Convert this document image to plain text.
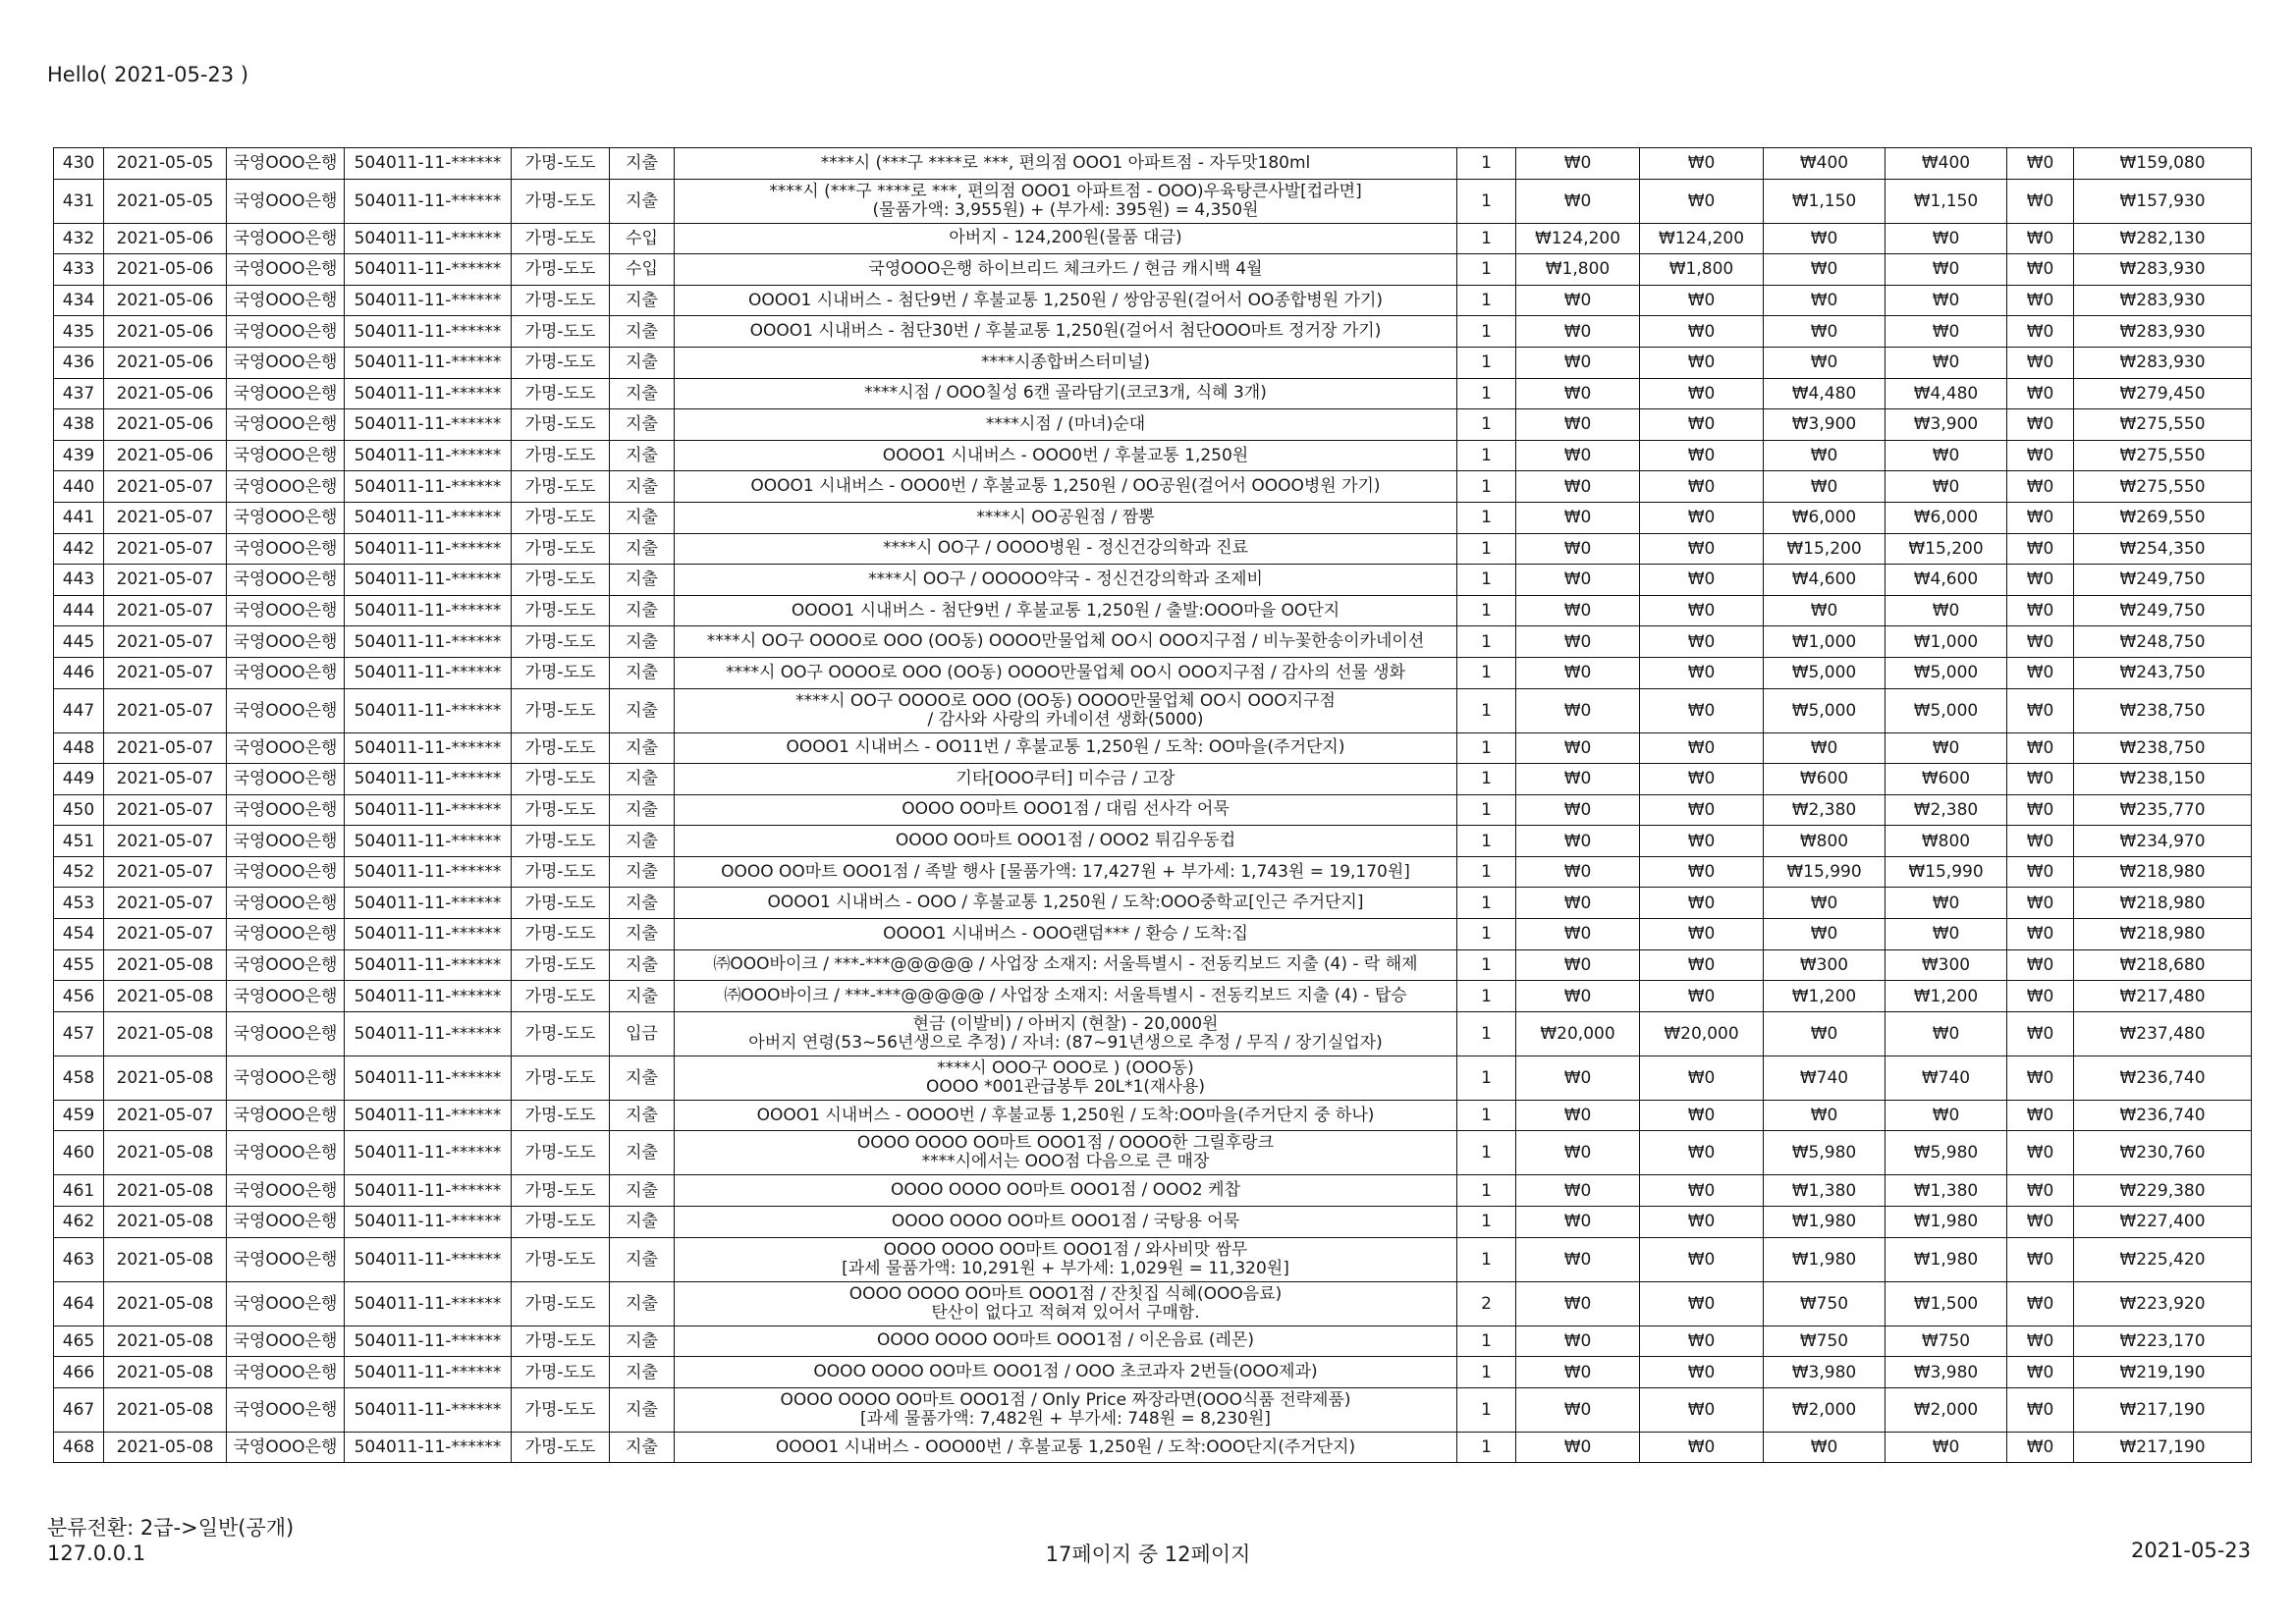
Hello( 2021-05-23 )
430	2021-05-05	국영OOO은행	504011-11-******	가명-도도	지출	****시 (***구 ****로 ***, 편의점 OOO1 아파트점 - 자두맛180ml	1	₩0	₩0	₩400	₩400	₩0	₩159,080
431	2021-05-05	국영OOO은행	504011-11-******	가명-도도	지출	****시 (***구 ****로 ***, 편의점 OOO1 아파트점 - OOO)우육탕큰사발[컵라면]
(물품가액: 3,955원) + (부가세: 395원) = 4,350원	1	₩0	₩0	₩1,150	₩1,150	₩0	₩157,930
432	2021-05-06	국영OOO은행	504011-11-******	가명-도도	수입	아버지 - 124,200원(물품 대금)	1	₩124,200	₩124,200	₩0	₩0	₩0	₩282,130
433	2021-05-06	국영OOO은행	504011-11-******	가명-도도	수입	국영OOO은행 하이브리드 체크카드 / 현금 캐시백 4월	1	₩1,800	₩1,800	₩0	₩0	₩0	₩283,930
434	2021-05-06	국영OOO은행	504011-11-******	가명-도도	지출	OOOO1 시내버스 - 첨단9번 / 후불교통 1,250원 / 쌍암공원(걸어서 OO종합병원 가기)	1	₩0	₩0	₩0	₩0	₩0	₩283,930
435	2021-05-06	국영OOO은행	504011-11-******	가명-도도	지출	OOOO1 시내버스 - 첨단30번 / 후불교통 1,250원(걸어서 첨단OOO마트 정거장 가기)	1	₩0	₩0	₩0	₩0	₩0	₩283,930
436	2021-05-06	국영OOO은행	504011-11-******	가명-도도	지출	****시종합버스터미널)	1	₩0	₩0	₩0	₩0	₩0	₩283,930
437	2021-05-06	국영OOO은행	504011-11-******	가명-도도	지출	****시점 / OOO칠성 6캔 골라담기(코코3개, 식혜 3개)	1	₩0	₩0	₩4,480	₩4,480	₩0	₩279,450
438	2021-05-06	국영OOO은행	504011-11-******	가명-도도	지출	****시점 / (마녀)순대	1	₩0	₩0	₩3,900	₩3,900	₩0	₩275,550
439	2021-05-06	국영OOO은행	504011-11-******	가명-도도	지출	OOOO1 시내버스 - OOO0번 / 후불교통 1,250원	1	₩0	₩0	₩0	₩0	₩0	₩275,550
440	2021-05-07	국영OOO은행	504011-11-******	가명-도도	지출	OOOO1 시내버스 - OOO0번 / 후불교통 1,250원 / OO공원(걸어서 OOOO병원 가기)	1	₩0	₩0	₩0	₩0	₩0	₩275,550
441	2021-05-07	국영OOO은행	504011-11-******	가명-도도	지출	****시 OO공원점 / 짬뽕	1	₩0	₩0	₩6,000	₩6,000	₩0	₩269,550
442	2021-05-07	국영OOO은행	504011-11-******	가명-도도	지출	****시 OO구 / OOOO병원 - 정신건강의학과 진료	1	₩0	₩0	₩15,200	₩15,200	₩0	₩254,350
443	2021-05-07	국영OOO은행	504011-11-******	가명-도도	지출	****시 OO구 / OOOOO약국 - 정신건강의학과 조제비	1	₩0	₩0	₩4,600	₩4,600	₩0	₩249,750
444	2021-05-07	국영OOO은행	504011-11-******	가명-도도	지출	OOOO1 시내버스 - 첨단9번 / 후불교통 1,250원 / 출발:OOO마을 OO단지	1	₩0	₩0	₩0	₩0	₩0	₩249,750
445	2021-05-07	국영OOO은행	504011-11-******	가명-도도	지출	****시 OO구 OOOO로 OOO (OO동) OOOO만물업체 OO시 OOO지구점 / 비누꽃한송이카네이션	1	₩0	₩0	₩1,000	₩1,000	₩0	₩248,750
446	2021-05-07	국영OOO은행	504011-11-******	가명-도도	지출	****시 OO구 OOOO로 OOO (OO동) OOOO만물업체 OO시 OOO지구점 / 감사의 선물 생화	1	₩0	₩0	₩5,000	₩5,000	₩0	₩243,750
447	2021-05-07	국영OOO은행	504011-11-******	가명-도도	지출	****시 OO구 OOOO로 OOO (OO동) OOOO만물업체 OO시 OOO지구점
/ 감사와 사랑의 카네이션 생화(5000)	1	₩0	₩0	₩5,000	₩5,000	₩0	₩238,750
448	2021-05-07	국영OOO은행	504011-11-******	가명-도도	지출	OOOO1 시내버스 - OO11번 / 후불교통 1,250원 / 도착: OO마을(주거단지)	1	₩0	₩0	₩0	₩0	₩0	₩238,750
449	2021-05-07	국영OOO은행	504011-11-******	가명-도도	지출	기타[OOO쿠터] 미수금 / 고장	1	₩0	₩0	₩600	₩600	₩0	₩238,150
450	2021-05-07	국영OOO은행	504011-11-******	가명-도도	지출	OOOO OO마트 OOO1점 / 대림 선사각 어묵	1	₩0	₩0	₩2,380	₩2,380	₩0	₩235,770
451	2021-05-07	국영OOO은행	504011-11-******	가명-도도	지출	OOOO OO마트 OOO1점 / OOO2 튀김우동컵	1	₩0	₩0	₩800	₩800	₩0	₩234,970
452	2021-05-07	국영OOO은행	504011-11-******	가명-도도	지출	OOOO OO마트 OOO1점 / 족발 행사 [물품가액: 17,427원 + 부가세: 1,743원 = 19,170원]	1	₩0	₩0	₩15,990	₩15,990	₩0	₩218,980
453	2021-05-07	국영OOO은행	504011-11-******	가명-도도	지출	OOOO1 시내버스 - OOO / 후불교통 1,250원 / 도착:OOO중학교[인근 주거단지]	1	₩0	₩0	₩0	₩0	₩0	₩218,980
454	2021-05-07	국영OOO은행	504011-11-******	가명-도도	지출	OOOO1 시내버스 - OOO랜덤*** / 환승 / 도착:집	1	₩0	₩0	₩0	₩0	₩0	₩218,980
455	2021-05-08	국영OOO은행	504011-11-******	가명-도도	지출	㈜OOO바이크 / ***-***@@@@@ / 사업장 소재지: 서울특별시 - 전동킥보드 지출 (4) - 락 해제	1	₩0	₩0	₩300	₩300	₩0	₩218,680
456	2021-05-08	국영OOO은행	504011-11-******	가명-도도	지출	㈜OOO바이크 / ***-***@@@@@ / 사업장 소재지: 서울특별시 - 전동킥보드 지출 (4) - 탑승	1	₩0	₩0	₩1,200	₩1,200	₩0	₩217,480
457	2021-05-08	국영OOO은행	504011-11-******	가명-도도	입금	현금 (이발비) / 아버지 (현찰) - 20,000원
아버지 연령(53~56년생으로 추정) / 자녀: (87~91년생으로 추정 / 무직 / 장기실업자)	1	₩20,000	₩20,000	₩0	₩0	₩0	₩237,480
458	2021-05-08	국영OOO은행	504011-11-******	가명-도도	지출	****시 OOO구 OOO로 ) (OOO동)
OOOO *001관급봉투 20L*1(재사용)	1	₩0	₩0	₩740	₩740	₩0	₩236,740
459	2021-05-07	국영OOO은행	504011-11-******	가명-도도	지출	OOOO1 시내버스 - OOOO번 / 후불교통 1,250원 / 도착:OO마을(주거단지 중 하나)	1	₩0	₩0	₩0	₩0	₩0	₩236,740
460	2021-05-08	국영OOO은행	504011-11-******	가명-도도	지출	OOOO OOOO OO마트 OOO1점 / OOOO한 그릴후랑크
****시에서는 OOO점 다음으로 큰 매장	1	₩0	₩0	₩5,980	₩5,980	₩0	₩230,760
461	2021-05-08	국영OOO은행	504011-11-******	가명-도도	지출	OOOO OOOO OO마트 OOO1점 / OOO2 케찹	1	₩0	₩0	₩1,380	₩1,380	₩0	₩229,380
462	2021-05-08	국영OOO은행	504011-11-******	가명-도도	지출	OOOO OOOO OO마트 OOO1점 / 국탕용 어묵	1	₩0	₩0	₩1,980	₩1,980	₩0	₩227,400
463	2021-05-08	국영OOO은행	504011-11-******	가명-도도	지출	OOOO OOOO OO마트 OOO1점 / 와사비맛 쌈무
[과세 물품가액: 10,291원 + 부가세: 1,029원 = 11,320원]	1	₩0	₩0	₩1,980	₩1,980	₩0	₩225,420
464	2021-05-08	국영OOO은행	504011-11-******	가명-도도	지출	OOOO OOOO OO마트 OOO1점 / 잔칫집 식혜(OOO음료)
탄산이 없다고 적혀져 있어서 구매함.	2	₩0	₩0	₩750	₩1,500	₩0	₩223,920
465	2021-05-08	국영OOO은행	504011-11-******	가명-도도	지출	OOOO OOOO OO마트 OOO1점 / 이온음료 (레몬)	1	₩0	₩0	₩750	₩750	₩0	₩223,170
466	2021-05-08	국영OOO은행	504011-11-******	가명-도도	지출	OOOO OOOO OO마트 OOO1점 / OOO 초코과자 2번들(OOO제과)	1	₩0	₩0	₩3,980	₩3,980	₩0	₩219,190
467	2021-05-08	국영OOO은행	504011-11-******	가명-도도	지출	OOOO OOOO OO마트 OOO1점 / Only Price 짜장라면(OOO식품 전략제품)
[과세 물품가액: 7,482원 + 부가세: 748원 = 8,230원]	1	₩0	₩0	₩2,000	₩2,000	₩0	₩217,190
468	2021-05-08	국영OOO은행	504011-11-******	가명-도도	지출	OOOO1 시내버스 - OOO00번 / 후불교통 1,250원 / 도착:OOO단지(주거단지)	1	₩0	₩0	₩0	₩0	₩0	₩217,190
분류전환: 2급->일반(공개)
127.0.0.1	17페이지 중 12페이지	2021-05-23
